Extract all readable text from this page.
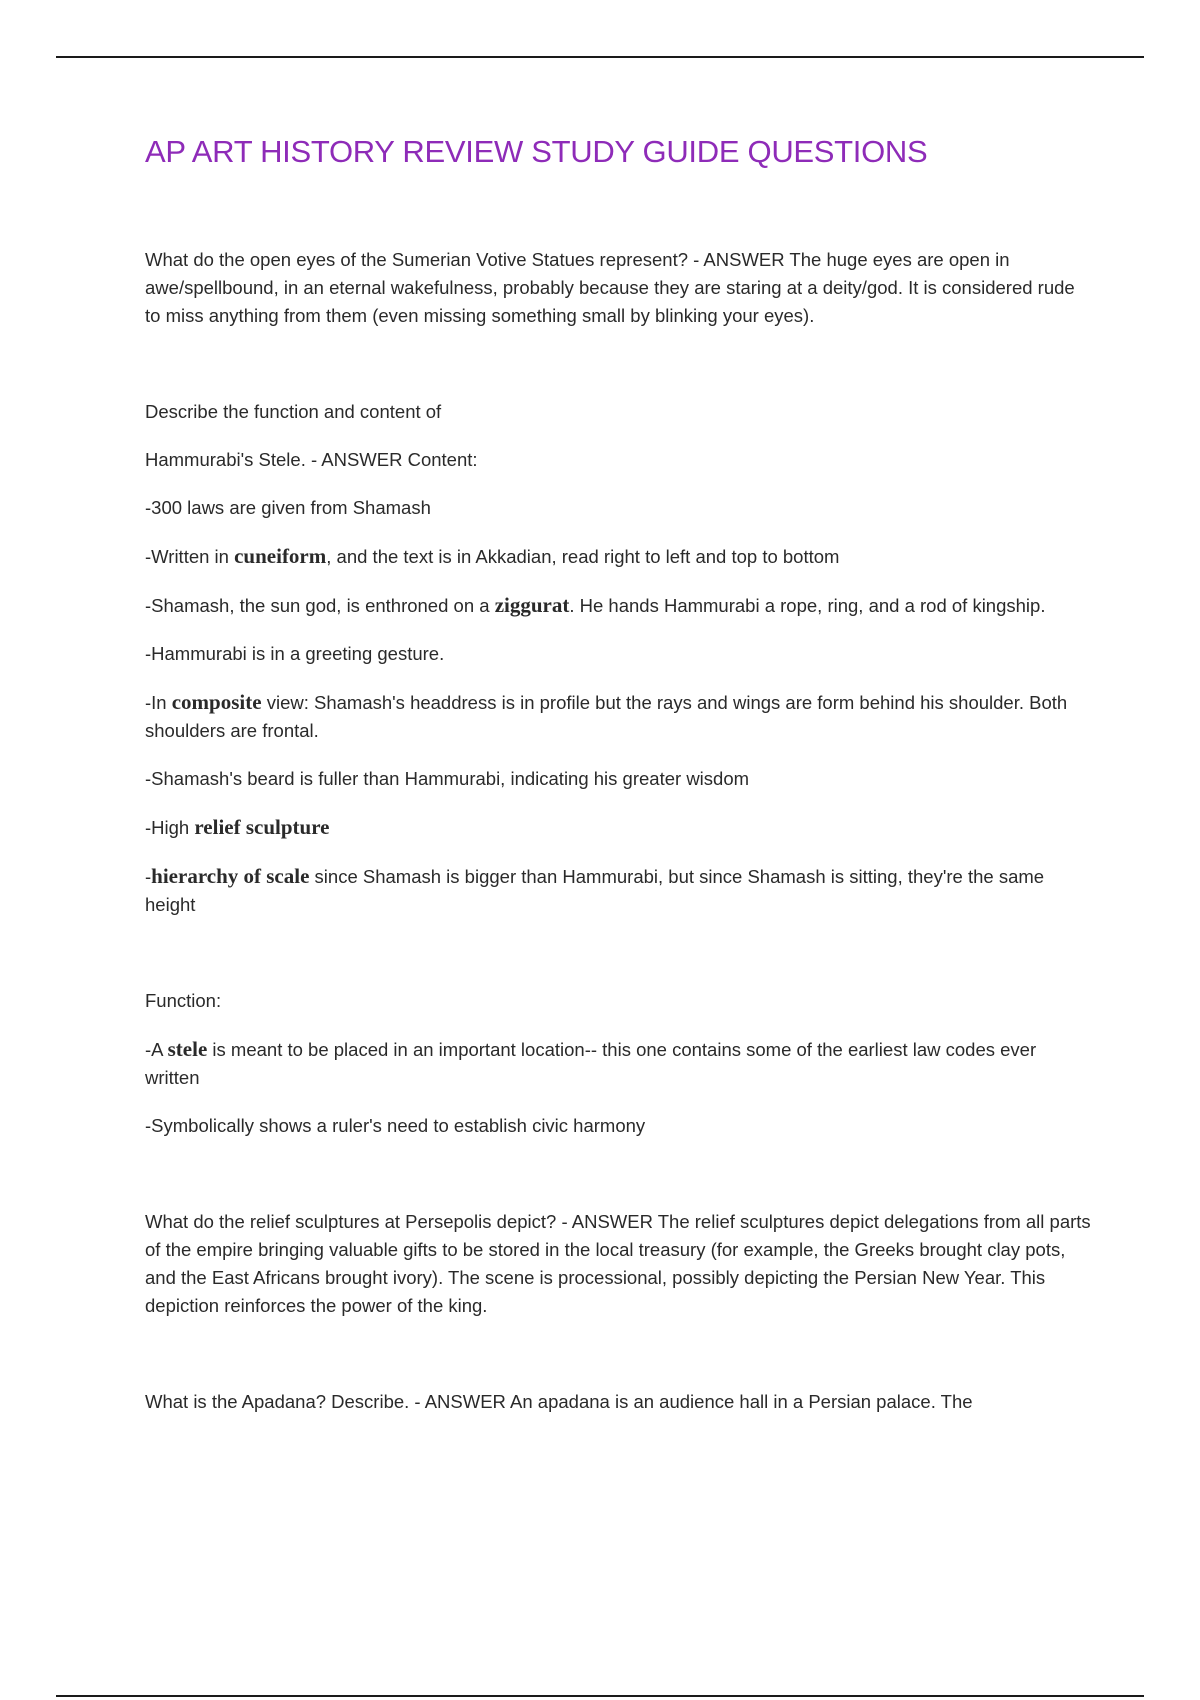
AP ART HISTORY REVIEW STUDY GUIDE QUESTIONS

What do the open eyes of the Sumerian Votive Statues represent? - ANSWER The huge eyes are open in awe/spellbound, in an eternal wakefulness, probably because they are staring at a deity/god. It is considered rude to miss anything from them (even missing something small by blinking your eyes).

Describe the function and content of

Hammurabi's Stele. - ANSWER Content:

-300 laws are given from Shamash

-Written in cuneiform, and the text is in Akkadian, read right to left and top to bottom

-Shamash, the sun god, is enthroned on a ziggurat. He hands Hammurabi a rope, ring, and a rod of kingship.

-Hammurabi is in a greeting gesture.

-In composite view: Shamash's headdress is in profile but the rays and wings are form behind his shoulder. Both shoulders are frontal.

-Shamash's beard is fuller than Hammurabi, indicating his greater wisdom

-High relief sculpture

-hierarchy of scale since Shamash is bigger than Hammurabi, but since Shamash is sitting, they're the same height

Function:

-A stele is meant to be placed in an important location-- this one contains some of the earliest law codes ever written

-Symbolically shows a ruler's need to establish civic harmony

What do the relief sculptures at Persepolis depict? - ANSWER The relief sculptures depict delegations from all parts of the empire bringing valuable gifts to be stored in the local treasury (for example, the Greeks brought clay pots, and the East Africans brought ivory). The scene is processional, possibly depicting the Persian New Year. This depiction reinforces the power of the king.

What is the Apadana? Describe. - ANSWER An apadana is an audience hall in a Persian palace. The
